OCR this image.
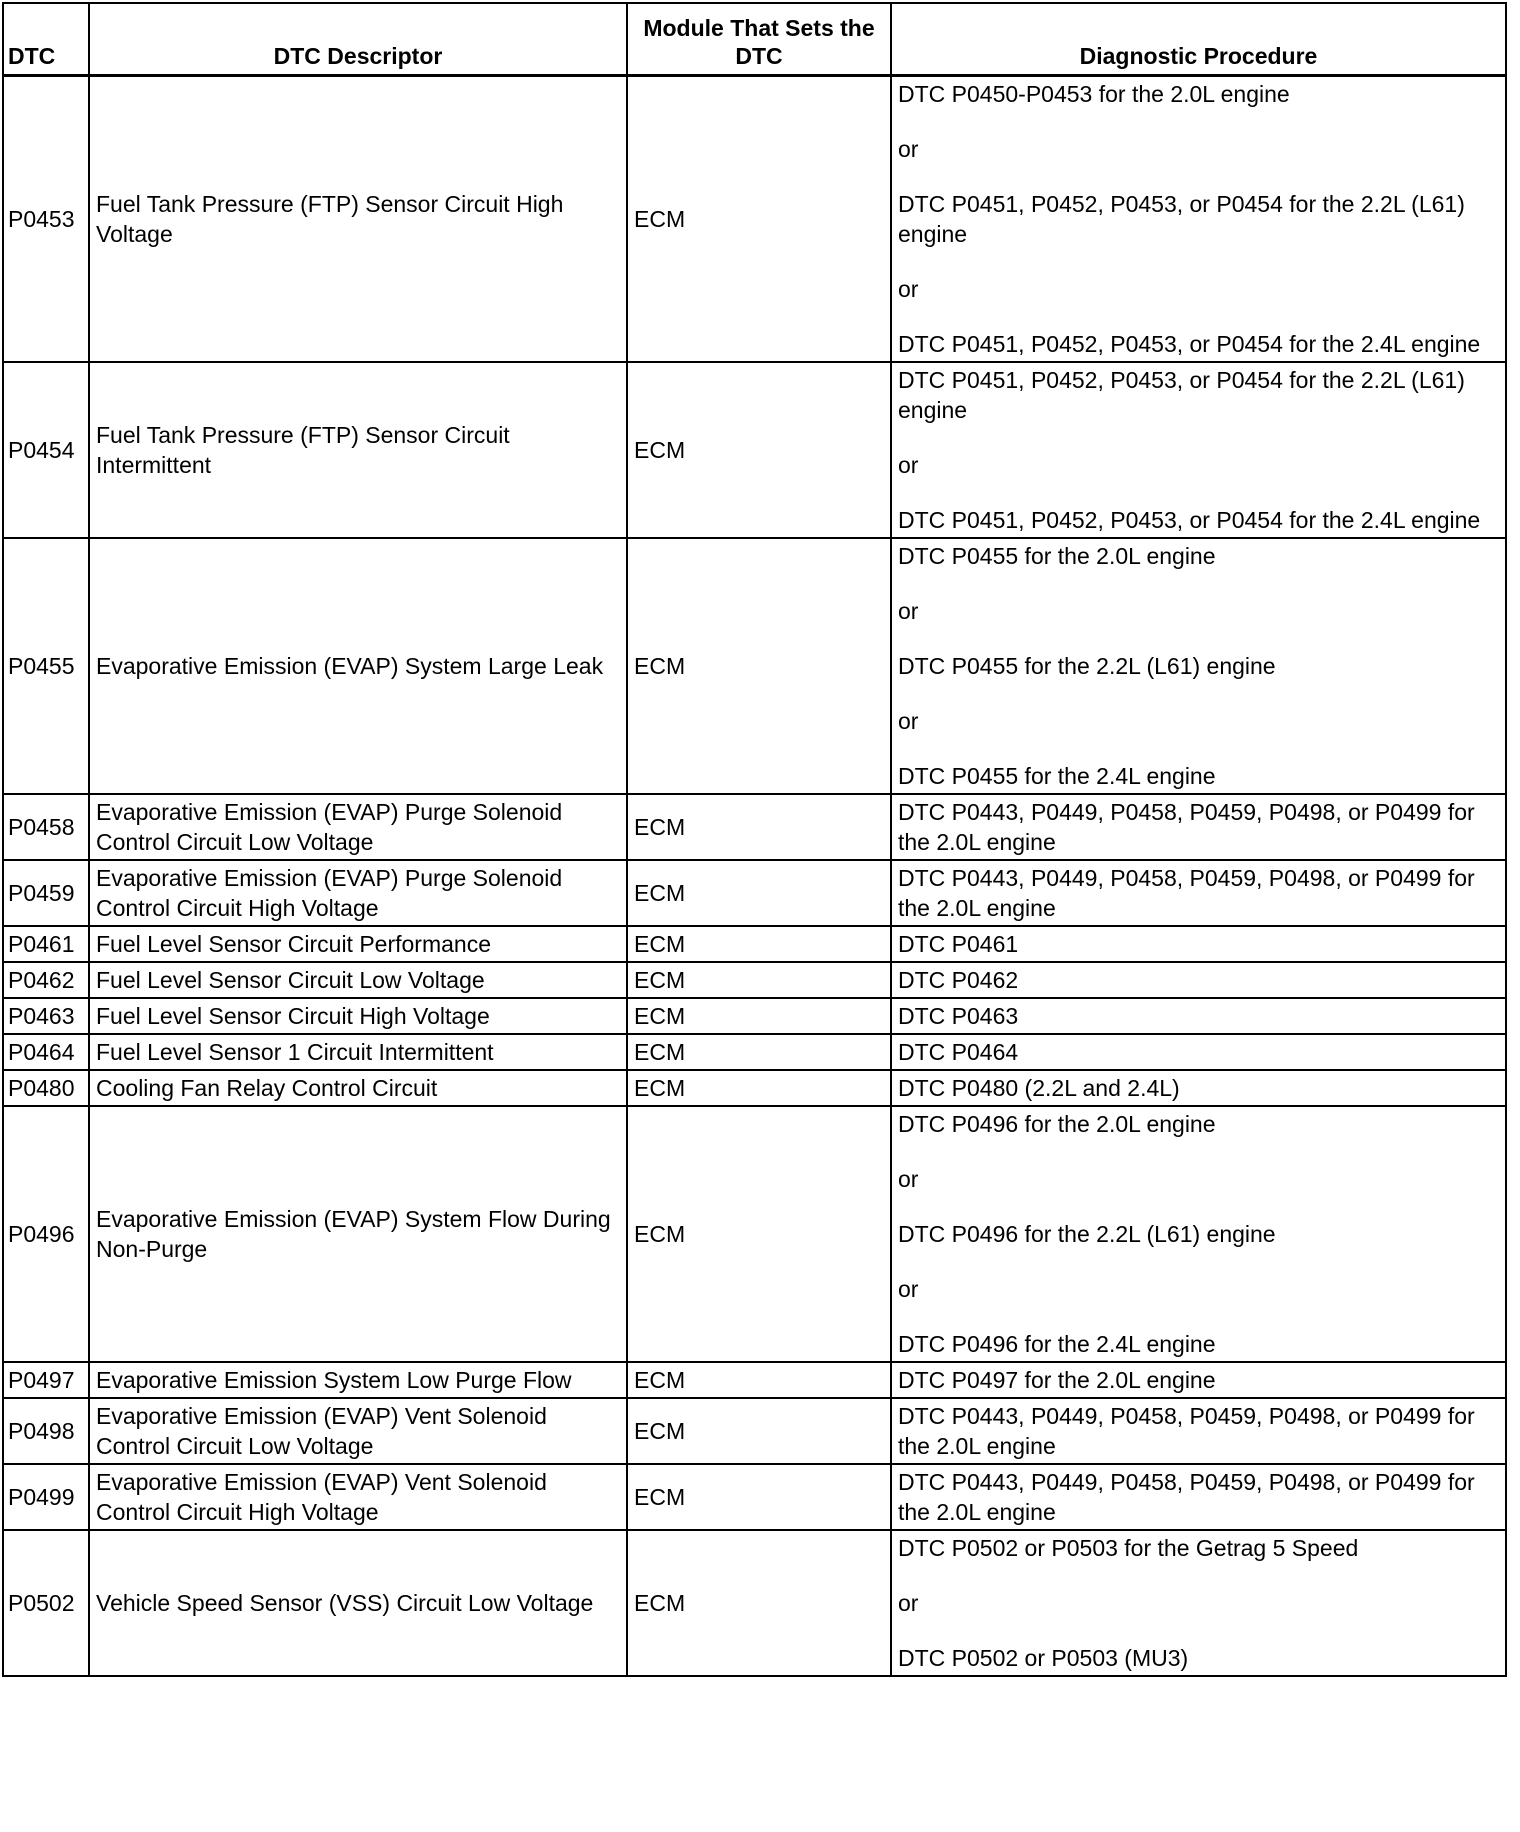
DTC	DTC Descriptor	Module That Sets the DTC	Diagnostic Procedure
P0453	Fuel Tank Pressure (FTP) Sensor Circuit High Voltage	ECM	DTC P0450-P0453 for the 2.0L engine
or
DTC P0451, P0452, P0453, or P0454 for the 2.2L (L61) engine
or
DTC P0451, P0452, P0453, or P0454 for the 2.4L engine

P0454	Fuel Tank Pressure (FTP) Sensor Circuit Intermittent	ECM	DTC P0451, P0452, P0453, or P0454 for the 2.2L (L61) engine
or
DTC P0451, P0452, P0453, or P0454 for the 2.4L engine

P0455	Evaporative Emission (EVAP) System Large Leak	ECM	DTC P0455 for the 2.0L engine
or
DTC P0455 for the 2.2L (L61) engine
or
DTC P0455 for the 2.4L engine

P0458	Evaporative Emission (EVAP) Purge Solenoid Control Circuit Low Voltage	ECM	DTC P0443, P0449, P0458, P0459, P0498, or P0499 for the 2.0L engine

P0459	Evaporative Emission (EVAP) Purge Solenoid Control Circuit High Voltage	ECM	DTC P0443, P0449, P0458, P0459, P0498, or P0499 for the 2.0L engine

P0461	Fuel Level Sensor Circuit Performance	ECM	DTC P0461

P0462	Fuel Level Sensor Circuit Low Voltage	ECM	DTC P0462

P0463	Fuel Level Sensor Circuit High Voltage	ECM	DTC P0463

P0464	Fuel Level Sensor 1 Circuit Intermittent	ECM	DTC P0464

P0480	Cooling Fan Relay Control Circuit	ECM	DTC P0480 (2.2L and 2.4L)

P0496	Evaporative Emission (EVAP) System Flow During Non-Purge	ECM	DTC P0496 for the 2.0L engine
or
DTC P0496 for the 2.2L (L61) engine
or
DTC P0496 for the 2.4L engine

P0497	Evaporative Emission System Low Purge Flow	ECM	DTC P0497 for the 2.0L engine

P0498	Evaporative Emission (EVAP) Vent Solenoid Control Circuit Low Voltage	ECM	DTC P0443, P0449, P0458, P0459, P0498, or P0499 for the 2.0L engine

P0499	Evaporative Emission (EVAP) Vent Solenoid Control Circuit High Voltage	ECM	DTC P0443, P0449, P0458, P0459, P0498, or P0499 for the 2.0L engine

P0502	Vehicle Speed Sensor (VSS) Circuit Low Voltage	ECM	DTC P0502 or P0503 for the Getrag 5 Speed
or
DTC P0502 or P0503 (MU3)
